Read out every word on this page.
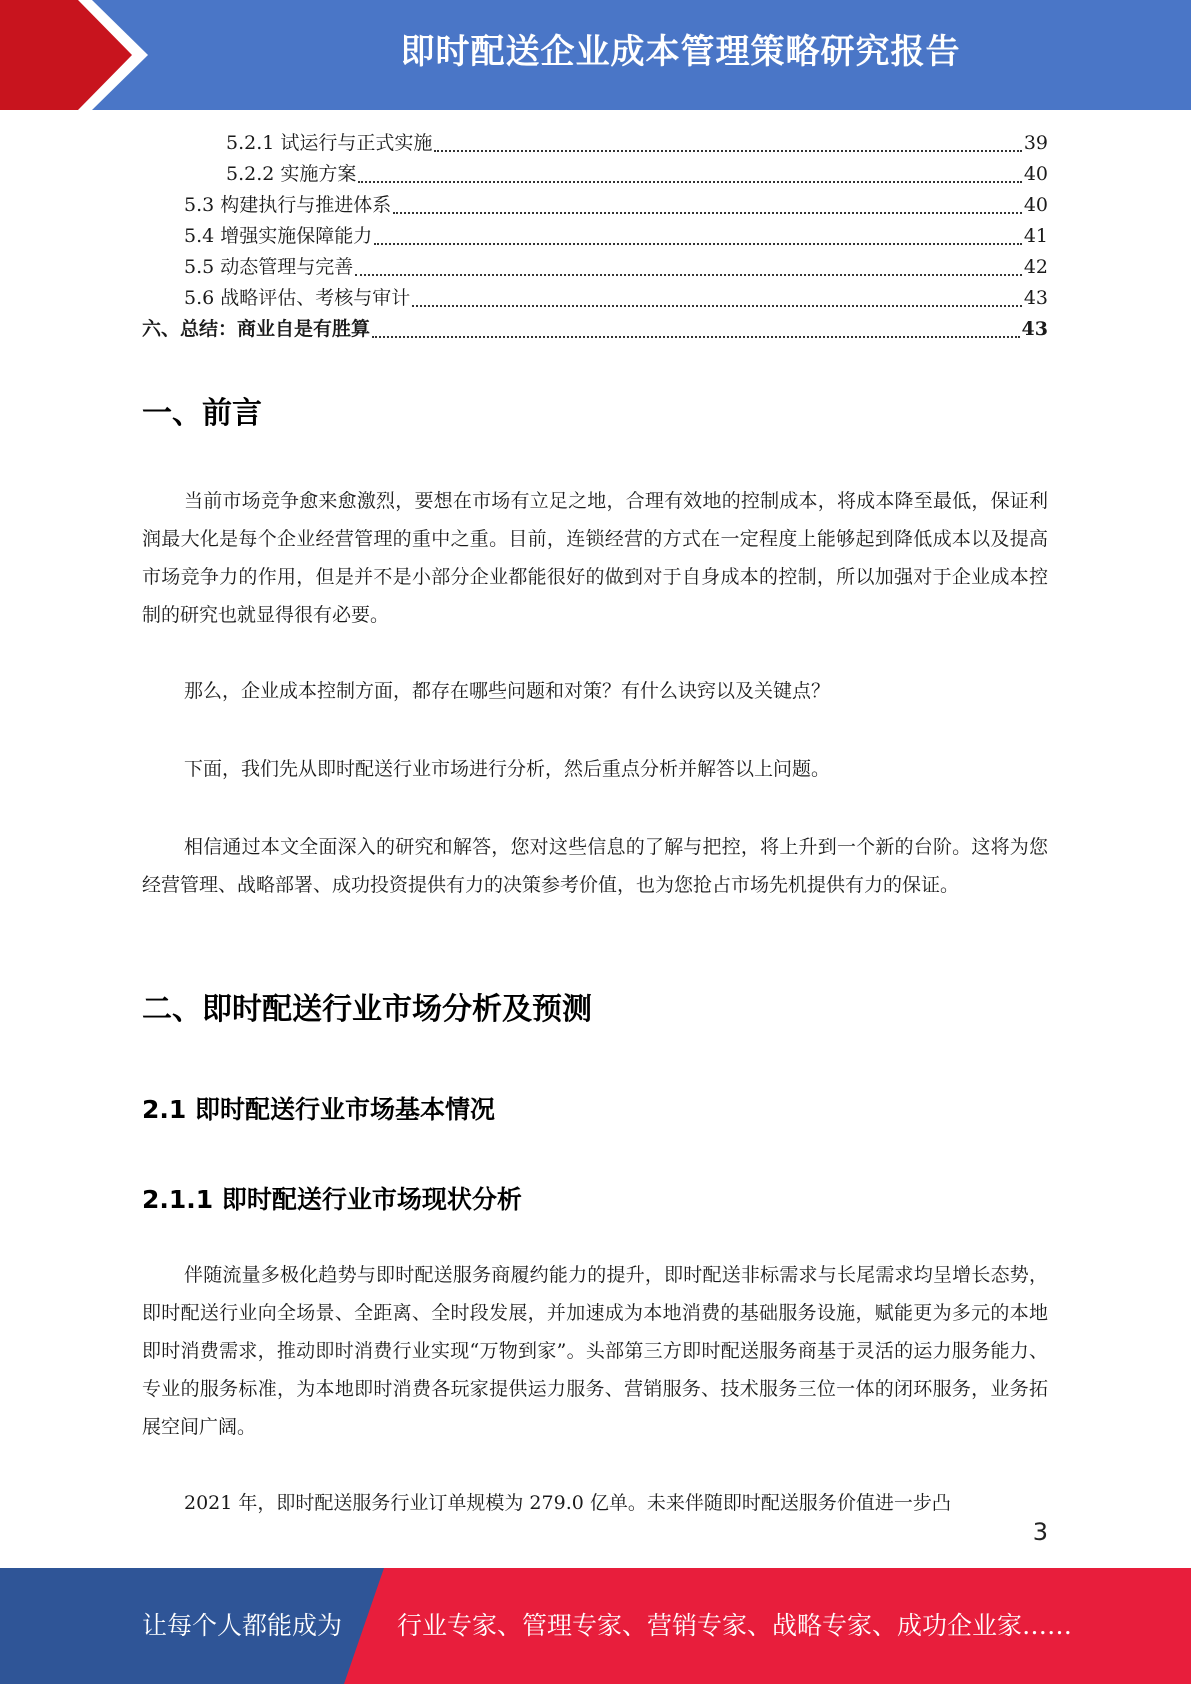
即时配送企业成本管理策略研究报告
5.2.1 试运行与正式实施	39
5.2.2 实施方案	40
5.3 构建执行与推进体系	40
5.4 增强实施保障能力	41
5.5 动态管理与完善	42
5.6 战略评估、考核与审计	43
六、总结：商业自是有胜算	43
一、前言
当前市场竞争愈来愈激烈，要想在市场有立足之地，合理有效地的控制成本，将成本降至最低，保证利润最大化是每个企业经营管理的重中之重。目前，连锁经营的方式在一定程度上能够起到降低成本以及提高市场竞争力的作用，但是并不是小部分企业都能很好的做到对于自身成本的控制，所以加强对于企业成本控制的研究也就显得很有必要。
那么，企业成本控制方面，都存在哪些问题和对策？有什么诀窍以及关键点？
下面，我们先从即时配送行业市场进行分析，然后重点分析并解答以上问题。
相信通过本文全面深入的研究和解答，您对这些信息的了解与把控，将上升到一个新的台阶。这将为您经营管理、战略部署、成功投资提供有力的决策参考价值，也为您抢占市场先机提供有力的保证。
二、即时配送行业市场分析及预测
2.1 即时配送行业市场基本情况
2.1.1 即时配送行业市场现状分析
伴随流量多极化趋势与即时配送服务商履约能力的提升，即时配送非标需求与长尾需求均呈增长态势，即时配送行业向全场景、全距离、全时段发展，并加速成为本地消费的基础服务设施，赋能更为多元的本地即时消费需求，推动即时消费行业实现“万物到家”。头部第三方即时配送服务商基于灵活的运力服务能力、专业的服务标准，为本地即时消费各玩家提供运力服务、营销服务、技术服务三位一体的闭环服务，业务拓展空间广阔。
2021 年，即时配送服务行业订单规模为 279.0 亿单。未来伴随即时配送服务价值进一步凸
3
让每个人都能成为 行业专家、管理专家、营销专家、战略专家、成功企业家……
